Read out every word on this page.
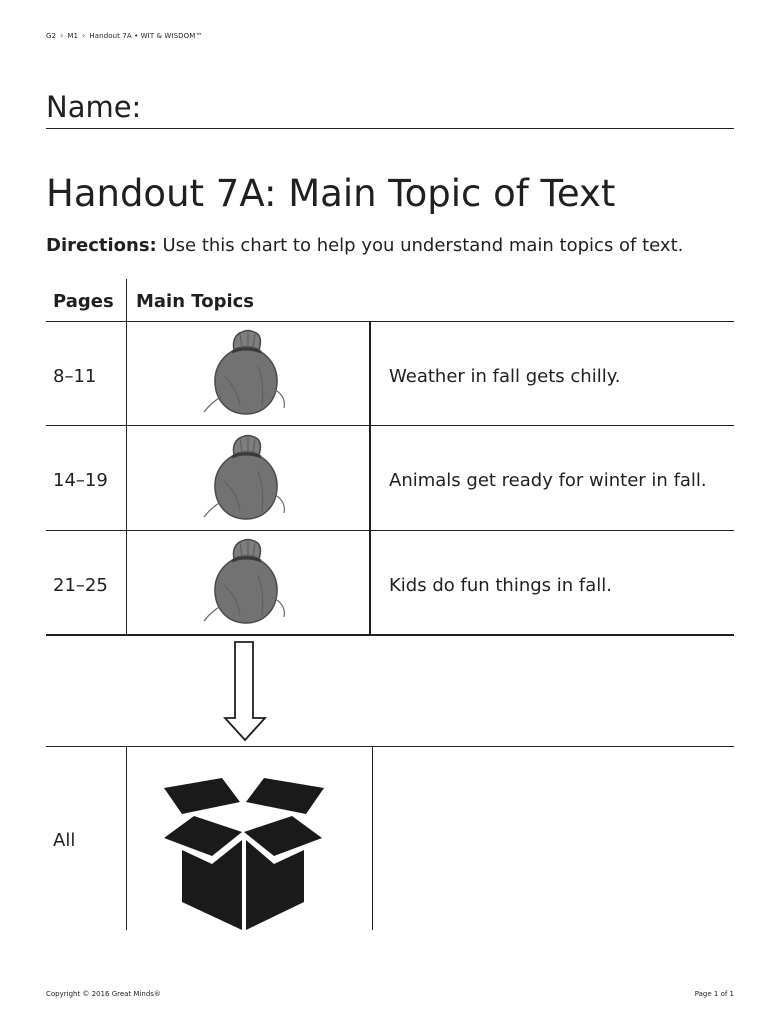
G2 › M1 › Handout 7A • WIT & WISDOM™
Name:
Handout 7A: Main Topic of Text
Directions: Use this chart to help you understand main topics of text.
Pages Main Topics
8–11	Weather in fall gets chilly.
14–19	Animals get ready for winter in fall.
21–25	Kids do fun things in fall.
All
Copyright © 2016 Great Minds®	Page 1 of 1
